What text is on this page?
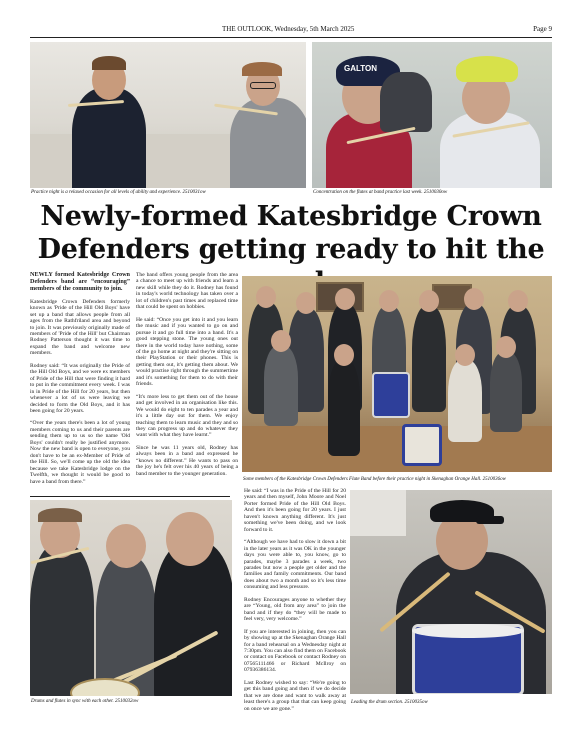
THE OUTLOOK, Wednesday, 5th March 2025	Page 9
Practice night is a relaxed occasion for all levels of ability and experience. 2510031ow
GALTON
Concentration on the flutes at band practice last week. 2510030ow
Newly-formed Katesbridge Crown Defenders getting ready to hit the

NEWLY formed Katesbridge Crown Defenders band are “encouraging” members of the community to join.

Katesbridge Crown Defenders formerly known as 'Pride of the Hill Old Boys' have set up a band that allows people from all ages from the Rathfriland area and beyond to join. It was previously originally made of members of 'Pride of the Hill' but Chairman Rodney Patterson thought it was time to expand the band and welcome new members.

Rodney said: “It was originally the Pride of the Hill Old Boys, and we were ex members of Pride of the Hill that were finding it hard to put in the commitment every week. I was in in Pride of the Hill for 20 years, but then whenever a lot of us were leaving we decided to form the Old Boys, and it has been going for 20 years.

“Over the years there's been a lot of young members coming to us and their parents are sending them up to us so the name 'Old Boys' couldn't really be justified anymore. Now the new band is open to everyone, you don't have to be an ex-Member of Pride of the Hill. So, we'll come up the old the idea because we take Katesbridge lodge on the Twelfth, we thought it would be good to have a band from there.”

The band offers young people from the area a chance to meet up with friends and learn a new skill while they do it. Rodney has found in today's world technology has taken over a lot of children's past times and replaced time that could be spent on hobbies.

He said: “Once you get into it and you learn the music and if you wanted to go on and pursue it and go full time into a band. It's a good stepping stone. The young ones out there in the world today have nothing, some of the go home at night and they're sitting on their PlayStation or their phones. This is getting them out, it's getting them about. We would practise right through the summertime and it's something for them to do with their friends.

“It's more less to get them out of the house and get involved in an organisation like this. We would do eight to ten parades a year and it's a little day out for them. We enjoy teaching them to learn music and they and so they can progress up and do whatever they want with what they have learnt.”

Since he was 11 years old, Rodney has always been in a band and expressed he “knows no different.” He wants to pass on the joy he's felt over his 40 years of being a band member to the younger generation.

Some members of the Katesbridge Crown Defenders Flute Band before their practice night in Skenaghan Orange Hall. 2510036ow
Drums and flutes in sync with each other. 2510032ow

He said: “I was in the Pride of the Hill for 20 years and then myself, John Moore and Noel Porter formed Pride of the Hill Old Boys. And then it's been going for 20 years. I just haven't known anything different. It's just something we've been doing, and we look forward to it.

“Although we have had to slow it down a bit in the later years as it was OK in the younger days you were able to, you know, go to parades, maybe 3 parades a week, two parades but now a people get older and the families and family commitments. Our band does about two a month and so it's less time consuming and less pressure.

Rodney Encourages anyone to whether they are “Young, old from any area” to join the band and if they do “they will be made to feel very, very welcome.”

If you are interested in joining, then you can by showing up at the Skenaghan Orange Hall for a band rehearsal on a Wednesday night at 7:30pm. You can also find them on Facebook or contact on Facebook or contact Rodney on 07565111466 or Richard McIlroy on 07936386134.

Last Rodney wished to say: “We're going to get this band going and then if we do decide that we are done and want to walk away at least there's a group that that can keep going on once we are gone.”

Leading the drum section. 2510035ow
